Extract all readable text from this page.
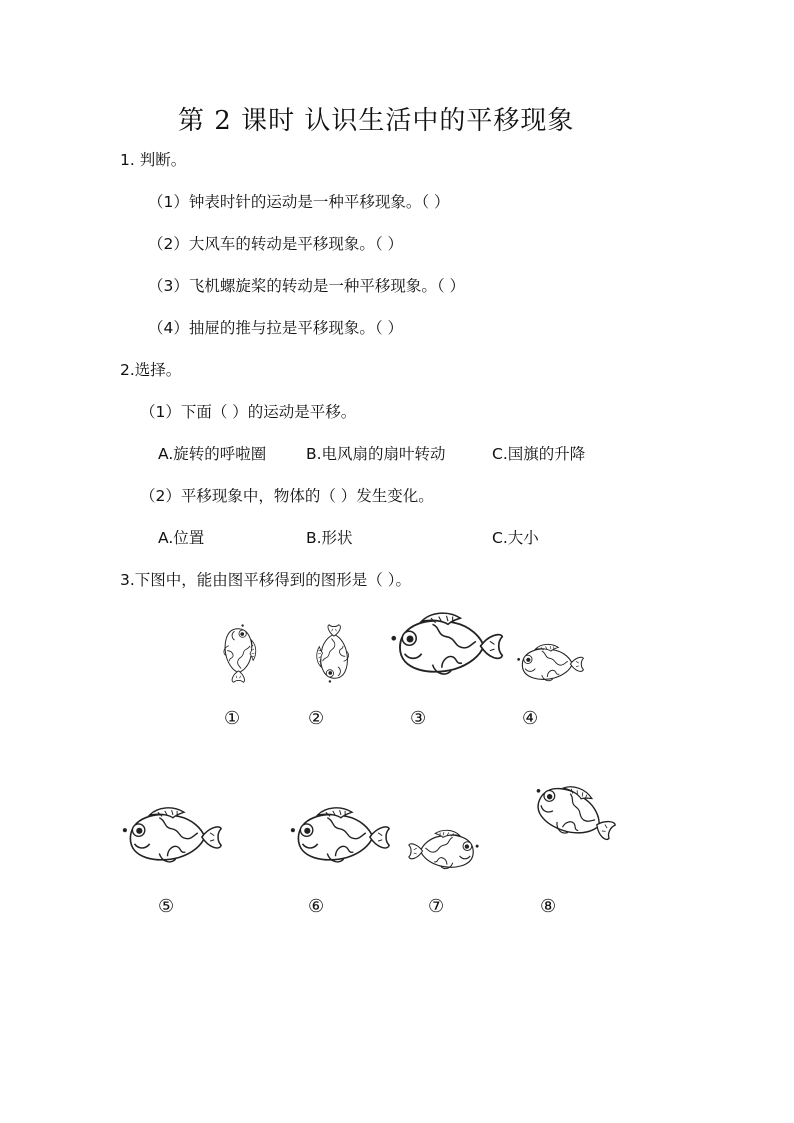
第 2 课时 认识生活中的平移现象
1. 判断。
（1）钟表时针的运动是一种平移现象。（ ）
（2）大风车的转动是平移现象。（ ）
（3）飞机螺旋桨的转动是一种平移现象。（ ）
（4）抽屉的推与拉是平移现象。（ ）
2.选择。
（1）下面（ ）的运动是平移。
A.旋转的呼啦圈	B.电风扇的扇叶转动	C.国旗的升降
（2）平移现象中，物体的（ ）发生变化。
A.位置	B.形状	C.大小
3.下图中，能由图平移得到的图形是（ ）。
①	②	③	④
⑤	⑥	⑦	⑧
